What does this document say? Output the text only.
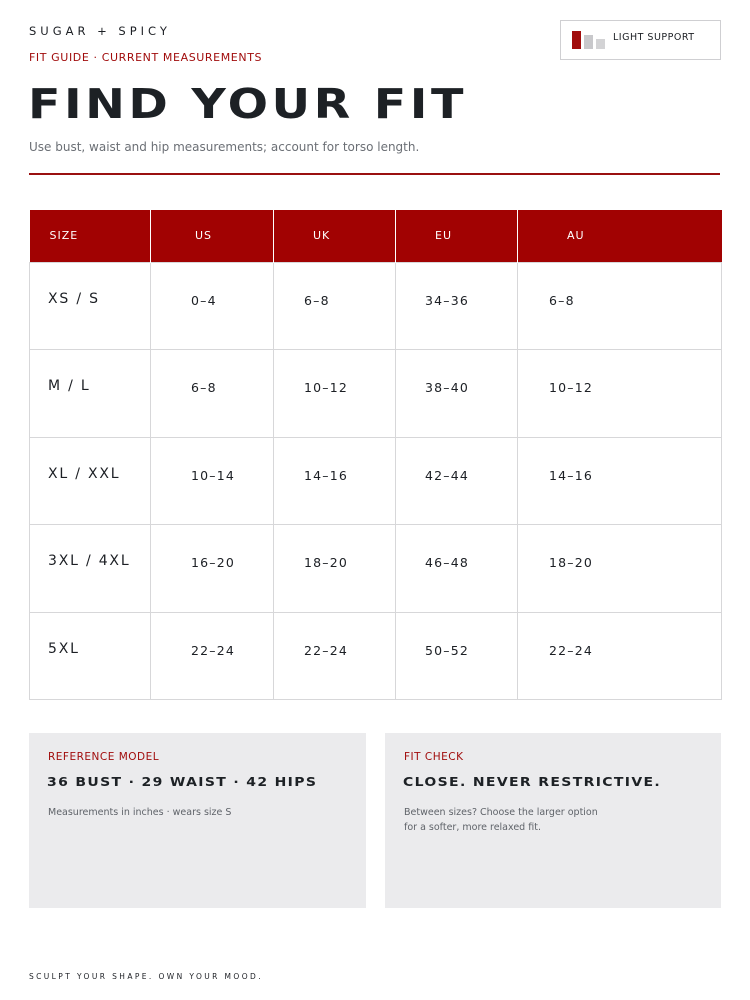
SUGAR + SPICY
FIT GUIDE · CURRENT MEASUREMENTS
FIND YOUR FIT

Use bust, waist and hip measurements; account for torso length.

LIGHT SUPPORT
SIZE	US	UK	EU	AU
XS / S	0–4	6–8	34–36	6–8
M / L	6–8	10–12	38–40	10–12
XL / XXL	10–14	14–16	42–44	14–16
3XL / 4XL	16–20	18–20	46–48	18–20
5XL	22–24	22–24	50–52	22–24
REFERENCE MODEL
36 BUST · 29 WAIST · 42 HIPS
Measurements in inches · wears size S
FIT CHECK
CLOSE. NEVER RESTRICTIVE.
Between sizes? Choose the larger option
for a softer, more relaxed fit.
SCULPT YOUR SHAPE. OWN YOUR MOOD.
